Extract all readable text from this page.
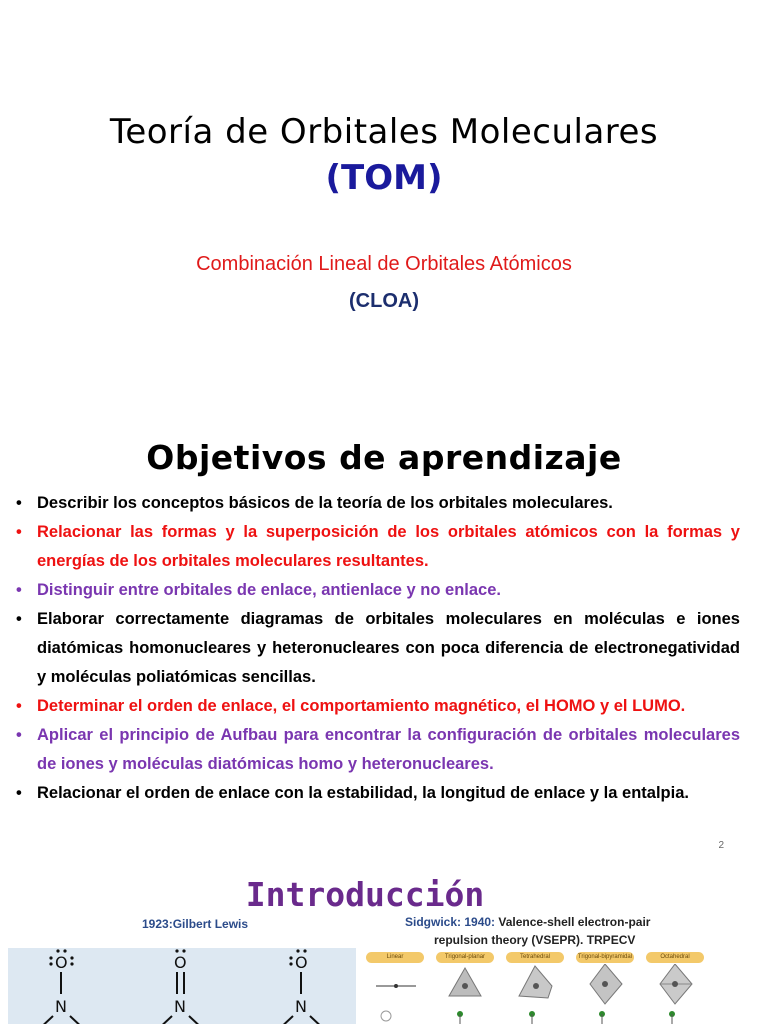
Teoría de Orbitales Moleculares
(TOM)
Combinación Lineal de Orbitales Atómicos
(CLOA)
Objetivos de aprendizaje
• Describir los conceptos básicos de la teoría de los orbitales moleculares.
• Relacionar las formas y la superposición de los orbitales atómicos con la formas y energías de los orbitales moleculares resultantes.
• Distinguir entre orbitales de enlace, antienlace y no enlace.
• Elaborar correctamente diagramas de orbitales moleculares en moléculas e iones diatómicas homonucleares y heteronucleares con poca diferencia de electronegatividad y moléculas poliatómicas sencillas.
• Determinar el orden de enlace, el comportamiento magnético, el HOMO y el LUMO.
• Aplicar el principio de Aufbau para encontrar la configuración de orbitales moleculares de iones y moléculas diatómicas homo y heteronucleares.
• Relacionar el orden de enlace con la estabilidad, la longitud de enlace y la entalpia.
2
Introducción
1923:Gilbert Lewis	Sidgwick: 1940: Valence-shell electron-pair
repulsion theory (VSEPR). TRPECV
O
N
O
N
O
N
Linear	Trigonal-planar	Tetrahedral	Trigonal-bipyramidal	Octahedral
